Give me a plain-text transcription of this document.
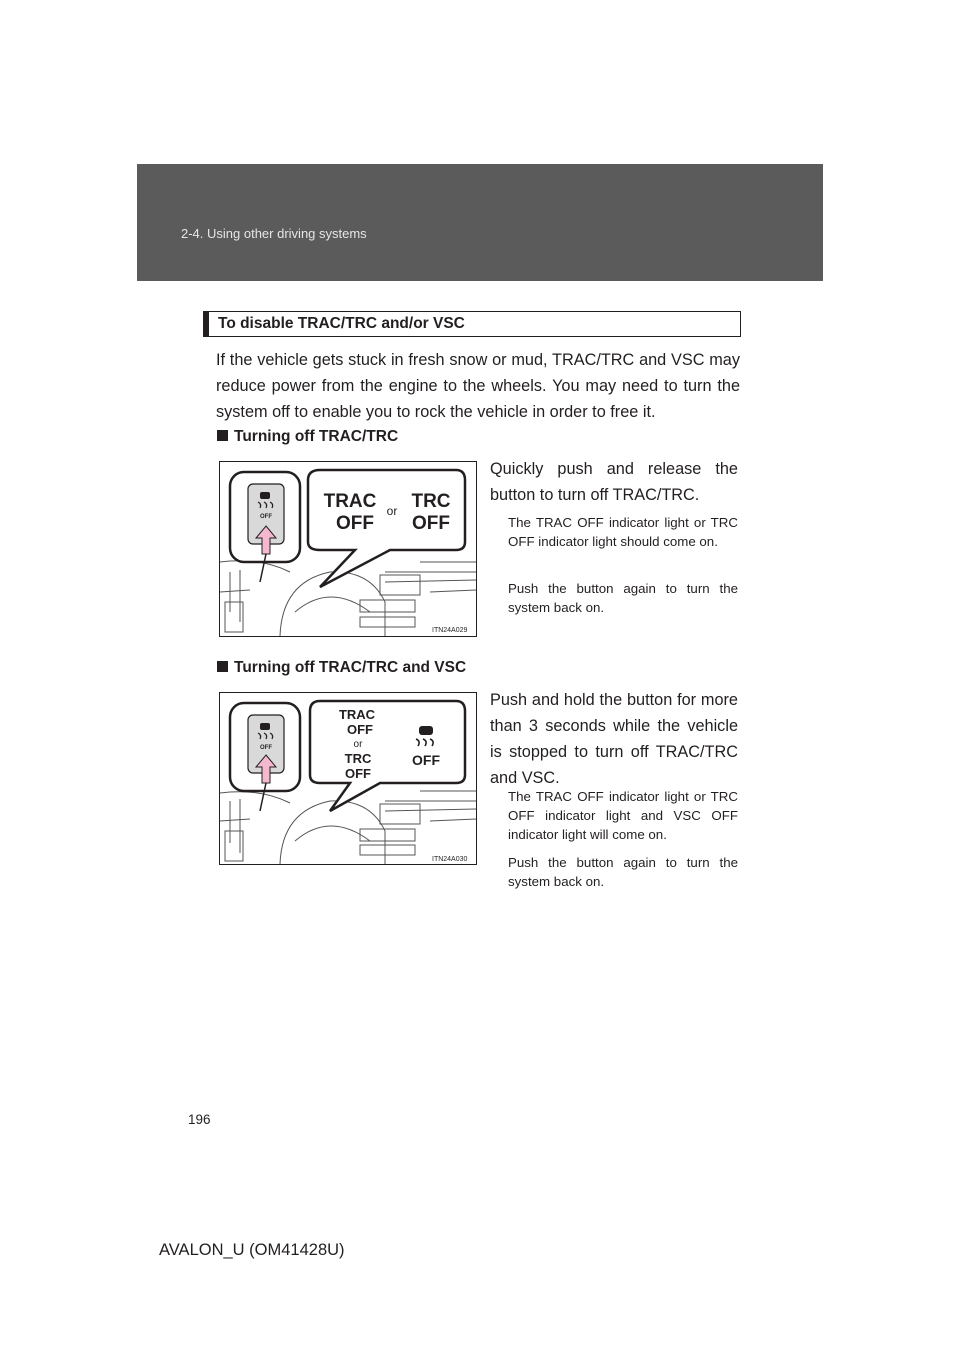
2-4. Using other driving systems
To disable TRAC/TRC and/or VSC
If the vehicle gets stuck in fresh snow or mud, TRAC/TRC and VSC may reduce power from the engine to the wheels. You may need to turn the system off to enable you to rock the vehicle in order to free it.
Turning off TRAC/TRC
OFF
TRAC
OFF
or TRC
OFF
ITN24A029
Quickly push and release the button to turn off TRAC/TRC.
The TRAC OFF indicator light or TRC OFF indicator light should come on.
Push the button again to turn the system back on.
Turning off TRAC/TRC and VSC
OFF
TRAC
OFF
or
TRC
OFF
OFF
ITN24A030
Push and hold the button for more than 3 seconds while the vehicle is stopped to turn off TRAC/TRC and VSC.
The TRAC OFF indicator light or TRC OFF indicator light and VSC OFF indicator light will come on.
Push the button again to turn the system back on.
196
AVALON_U (OM41428U)
